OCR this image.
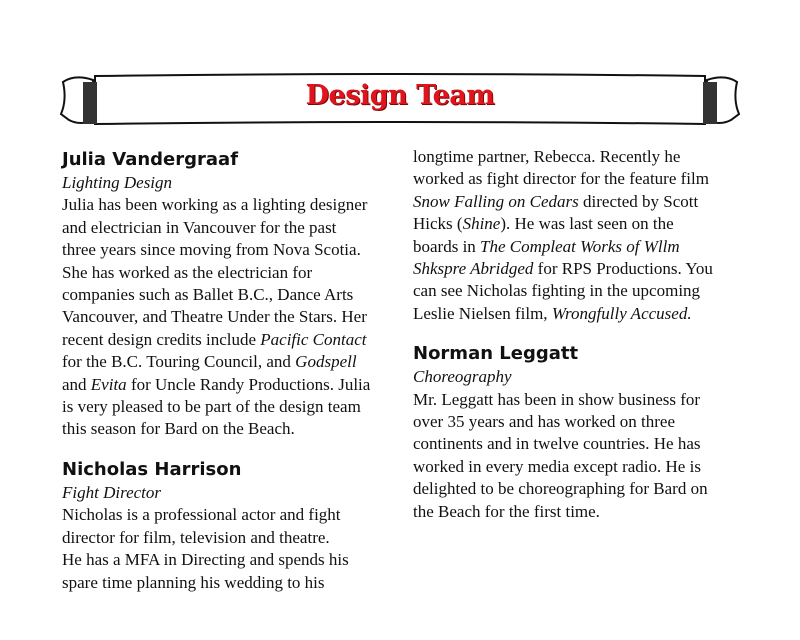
Design Team
Julia Vandergraaf
Lighting Design
Julia has been working as a lighting designer
and electrician in Vancouver for the past
three years since moving from Nova Scotia.
She has worked as the electrician for
companies such as Ballet B.C., Dance Arts
Vancouver, and Theatre Under the Stars. Her
recent design credits include Pacific Contact
for the B.C. Touring Council, and Godspell
and Evita for Uncle Randy Productions. Julia
is very pleased to be part of the design team
this season for Bard on the Beach.
Nicholas Harrison
Fight Director
Nicholas is a professional actor and fight
director for film, television and theatre.
He has a MFA in Directing and spends his
spare time planning his wedding to his
longtime partner, Rebecca. Recently he
worked as fight director for the feature film
Snow Falling on Cedars directed by Scott
Hicks (Shine). He was last seen on the
boards in The Compleat Works of Wllm
Shkspre Abridged for RPS Productions. You
can see Nicholas fighting in the upcoming
Leslie Nielsen film, Wrongfully Accused.
Norman Leggatt
Choreography
Mr. Leggatt has been in show business for
over 35 years and has worked on three
continents and in twelve countries. He has
worked in every media except radio. He is
delighted to be choreographing for Bard on
the Beach for the first time.
